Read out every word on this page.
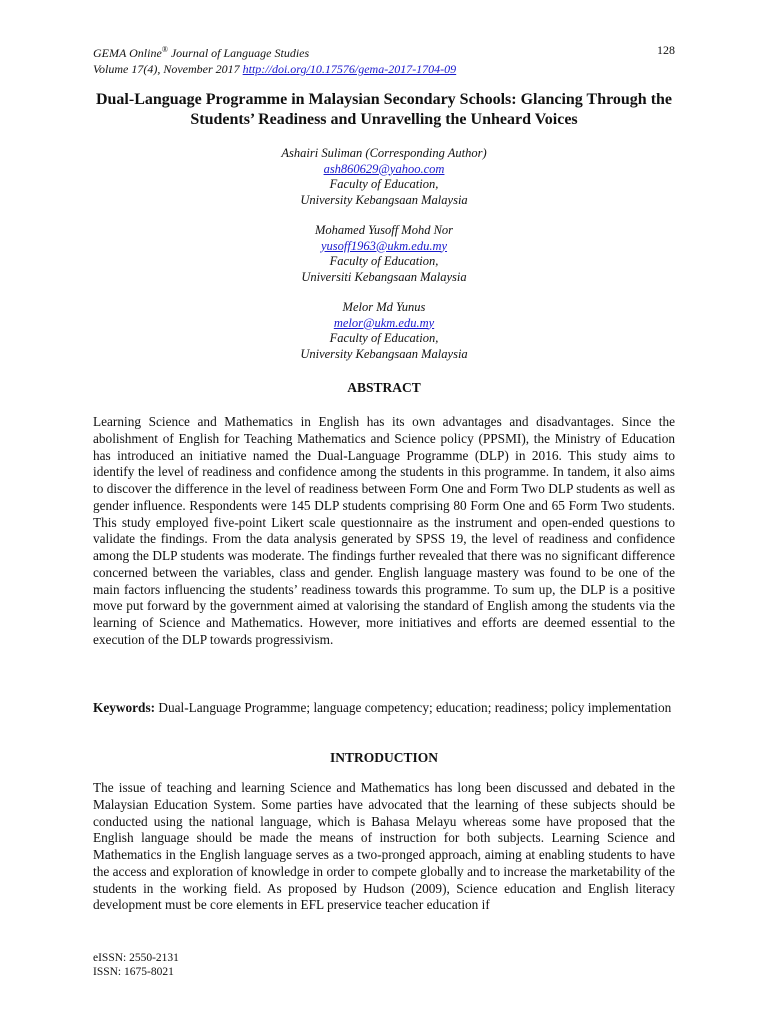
GEMA Online® Journal of Language Studies	128
Volume 17(4), November 2017 http://doi.org/10.17576/gema-2017-1704-09
Dual-Language Programme in Malaysian Secondary Schools: Glancing Through the Students’ Readiness and Unravelling the Unheard Voices
Ashairi Suliman (Corresponding Author)
ash860629@yahoo.com
Faculty of Education,
University Kebangsaan Malaysia
Mohamed Yusoff Mohd Nor
yusoff1963@ukm.edu.my
Faculty of Education,
Universiti Kebangsaan Malaysia
Melor Md Yunus
melor@ukm.edu.my
Faculty of Education,
University Kebangsaan Malaysia
ABSTRACT

Learning Science and Mathematics in English has its own advantages and disadvantages. Since the abolishment of English for Teaching Mathematics and Science policy (PPSMI), the Ministry of Education has introduced an initiative named the Dual-Language Programme (DLP) in 2016. This study aims to identify the level of readiness and confidence among the students in this programme. In tandem, it also aims to discover the difference in the level of readiness between Form One and Form Two DLP students as well as gender influence. Respondents were 145 DLP students comprising 80 Form One and 65 Form Two students. This study employed five-point Likert scale questionnaire as the instrument and open-ended questions to validate the findings. From the data analysis generated by SPSS 19, the level of readiness and confidence among the DLP students was moderate. The findings further revealed that there was no significant difference concerned between the variables, class and gender. English language mastery was found to be one of the main factors influencing the students’ readiness towards this programme. To sum up, the DLP is a positive move put forward by the government aimed at valorising the standard of English among the students via the learning of Science and Mathematics. However, more initiatives and efforts are deemed essential to the execution of the DLP towards progressivism.

Keywords: Dual-Language Programme; language competency; education; readiness; policy implementation

INTRODUCTION

The issue of teaching and learning Science and Mathematics has long been discussed and debated in the Malaysian Education System. Some parties have advocated that the learning of these subjects should be conducted using the national language, which is Bahasa Melayu whereas some have proposed that the English language should be made the means of instruction for both subjects. Learning Science and Mathematics in the English language serves as a two-pronged approach, aiming at enabling students to have the access and exploration of knowledge in order to compete globally and to increase the marketability of the students in the working field. As proposed by Hudson (2009), Science education and English literacy development must be core elements in EFL preservice teacher education if

eISSN: 2550-2131
ISSN: 1675-8021
